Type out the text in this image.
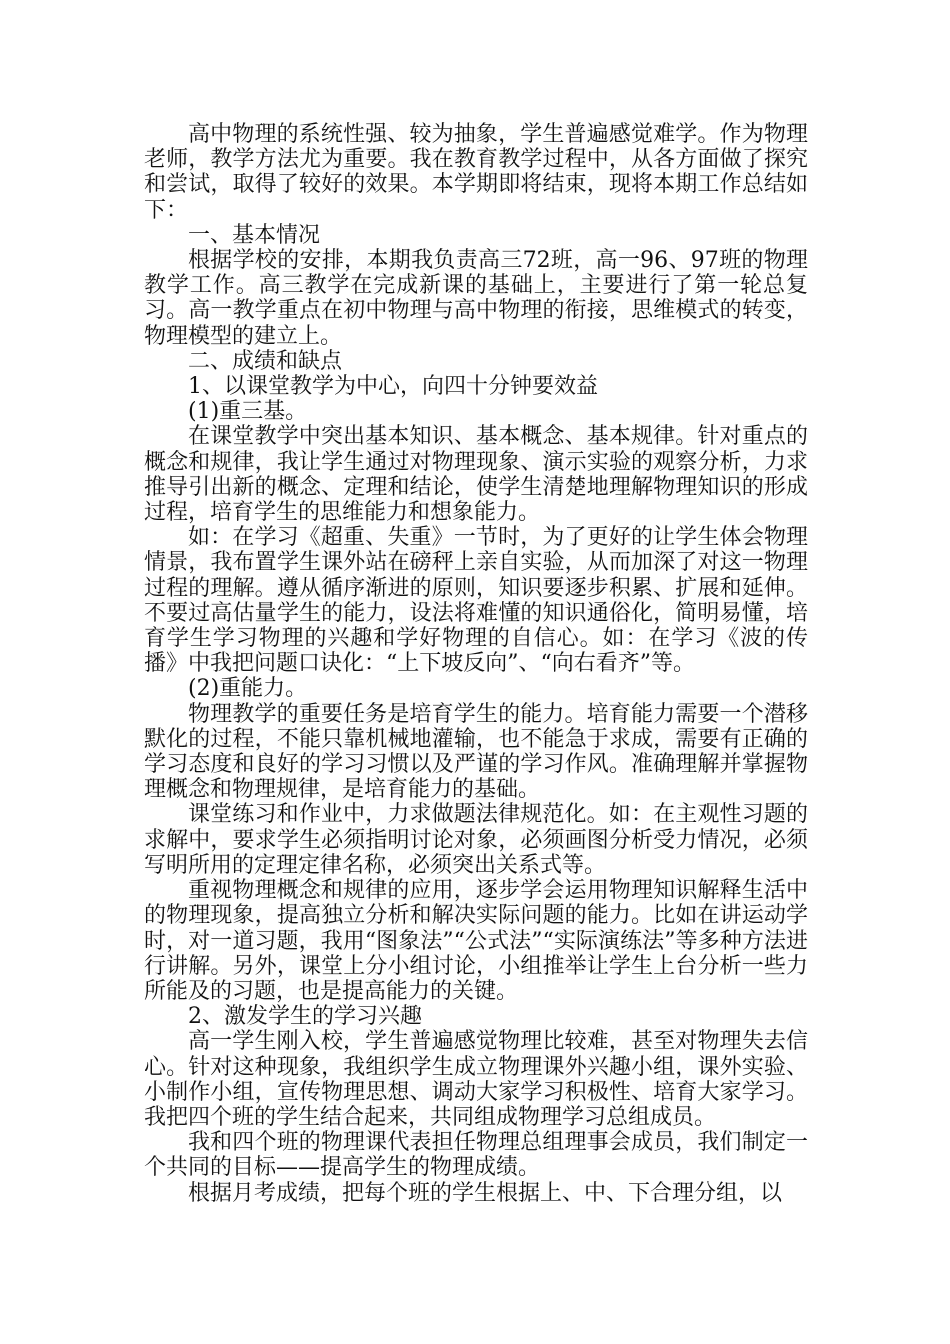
高中物理的系统性强、较为抽象，学生普遍感觉难学。作为物理老师，教学方法尤为重要。我在教育教学过程中，从各方面做了探究和尝试，取得了较好的效果。本学期即将结束，现将本期工作总结如下：

一、基本情况

根据学校的安排，本期我负责高三72班，高一96、97班的物理教学工作。高三教学在完成新课的基础上，主要进行了第一轮总复习。高一教学重点在初中物理与高中物理的衔接，思维模式的转变，物理模型的建立上。

二、成绩和缺点

1、以课堂教学为中心，向四十分钟要效益

(1)重三基。

在课堂教学中突出基本知识、基本概念、基本规律。针对重点的概念和规律，我让学生通过对物理现象、演示实验的观察分析，力求推导引出新的概念、定理和结论，使学生清楚地理解物理知识的形成过程，培育学生的思维能力和想象能力。

如：在学习《超重、失重》一节时，为了更好的让学生体会物理情景，我布置学生课外站在磅秤上亲自实验，从而加深了对这一物理过程的理解。遵从循序渐进的原则，知识要逐步积累、扩展和延伸。不要过高估量学生的能力，设法将难懂的知识通俗化，简明易懂，培育学生学习物理的兴趣和学好物理的自信心。如：在学习《波的传播》中我把问题口诀化：“上下坡反向”、“向右看齐”等。

(2)重能力。

物理教学的重要任务是培育学生的能力。培育能力需要一个潜移默化的过程，不能只靠机械地灌输，也不能急于求成，需要有正确的学习态度和良好的学习习惯以及严谨的学习作风。准确理解并掌握物理概念和物理规律，是培育能力的基础。

课堂练习和作业中，力求做题法律规范化。如：在主观性习题的求解中，要求学生必须指明讨论对象，必须画图分析受力情况，必须写明所用的定理定律名称，必须突出关系式等。

重视物理概念和规律的应用，逐步学会运用物理知识解释生活中的物理现象，提高独立分析和解决实际问题的能力。比如在讲运动学时，对一道习题，我用“图象法”“公式法”“实际演练法”等多种方法进行讲解。另外，课堂上分小组讨论，小组推举让学生上台分析一些力所能及的习题，也是提高能力的关键。

2、激发学生的学习兴趣

高一学生刚入校，学生普遍感觉物理比较难，甚至对物理失去信心。针对这种现象，我组织学生成立物理课外兴趣小组，课外实验、小制作小组，宣传物理思想、调动大家学习积极性、培育大家学习。我把四个班的学生结合起来，共同组成物理学习总组成员。

我和四个班的物理课代表担任物理总组理事会成员，我们制定一个共同的目标——提高学生的物理成绩。

根据月考成绩，把每个班的学生根据上、中、下合理分组，以
